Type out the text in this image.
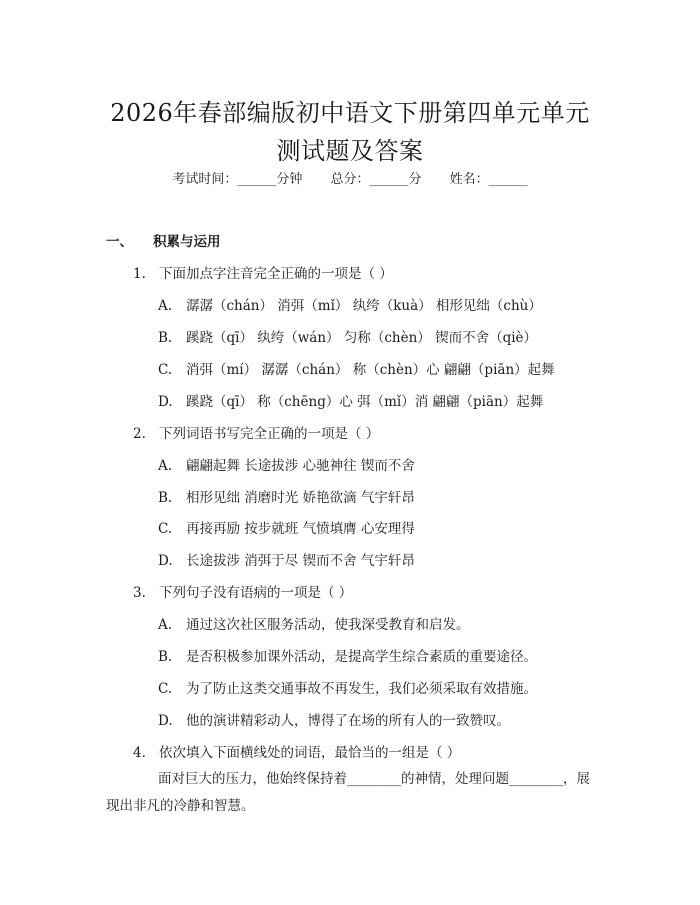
2026年春部编版初中语文下册第四单元单元
测试题及答案
考试时间：______分钟 总分：______分 姓名：______
一、 积累与运用
1. 下面加点字注音完全正确的一项是（ ）
A. 潺潺（chán） 消弭（mǐ） 纨绔（kuà） 相形见绌（chù）
B. 蹊跷（qī） 纨绔（wán） 匀称（chèn） 锲而不舍（qiè）
C. 消弭（mí） 潺潺（chán） 称（chèn）心 翩翩（piān）起舞
D. 蹊跷（qī） 称（chēng）心 弭（mǐ）消 翩翩（piān）起舞
2. 下列词语书写完全正确的一项是（ ）
A. 翩翩起舞 长途拔涉 心驰神往 锲而不舍
B. 相形见绌 消磨时光 娇艳欲滴 气宇轩昂
C. 再接再励 按步就班 气愤填膺 心安理得
D. 长途拔涉 消弭于尽 锲而不舍 气宇轩昂
3. 下列句子没有语病的一项是（ ）
A. 通过这次社区服务活动，使我深受教育和启发。
B. 是否积极参加课外活动，是提高学生综合素质的重要途径。
C. 为了防止这类交通事故不再发生，我们必须采取有效措施。
D. 他的演讲精彩动人，博得了在场的所有人的一致赞叹。
4. 依次填入下面横线处的词语，最恰当的一组是（ ）
面对巨大的压力，他始终保持着________的神情，处理问题________，展现出非凡的冷静和智慧。
